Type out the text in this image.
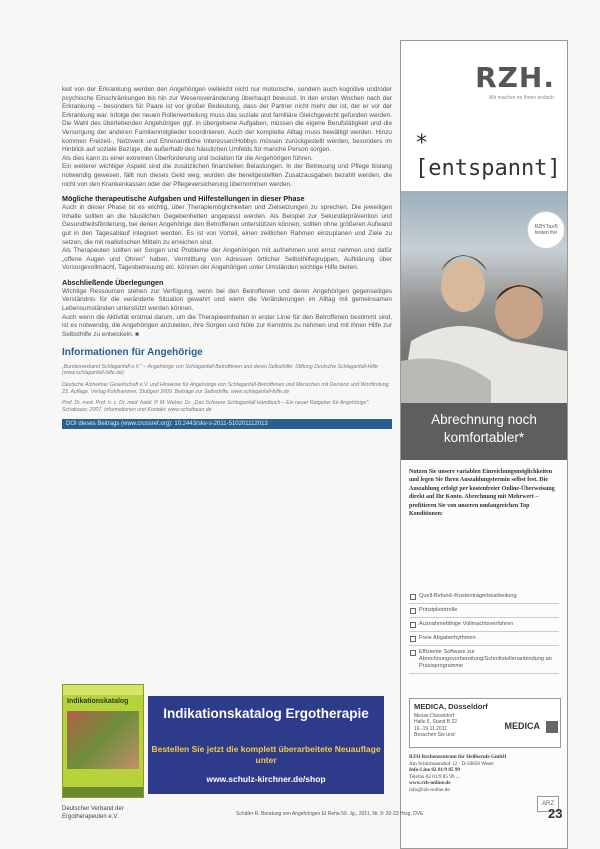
keit von der Erkrankung werden den Angehörigen vielleicht nicht nur motorische, sondern auch kognitive und/oder psychische Einschränkungen bis hin zur Wesensveränderung überhaupt bewusst. In den ersten Wochen nach der Erkrankung – besonders für Paare ist vor großer Bedeutung, dass der Partner nicht mehr der ist, der er vor der Erkrankung war. Infolge der neuen Rollenverteilung muss das soziale und familiäre Gleichgewicht gefunden werden. Die Wahl des überlebenden Angehörigen ggf. in übergebene Aufgaben, müssen die eigene Berufstätigkeit und die Versorgung der anderen Familienmitglieder koordinieren. Auch der komplette Alltag muss bewältigt werden. Hinzu kommen Freizeit-, Netzwerk und Ehrenamtliche Interessen/Hobbys müssen zurückgestellt werden, besonders im Hinblick auf soziale Bezüge, die außerhalb des häuslichen Umfelds für manche Person sorgen.

Als dies kann zu einer extremen Überforderung und Isolation für die Angehörigen führen.

Ein weiterer wichtiger Aspekt sind die zusätzlichen finanziellen Belastungen. In der Betreuung und Pflege bislang notwendig gewesen, fällt nun dieses Geld weg, wurden die bereitgestellten Zusatzausgaben bezahlt werden, die nicht von den Krankenkassen oder der Pflegeversicherung übernommen werden.

Mögliche therapeutische Aufgaben und Hilfestellungen in dieser Phase

Auch in dieser Phase ist es wichtig, über Therapiemöglichkeiten und Zielsetzungen zu sprechen. Die jeweiligen Inhalte sollten an die häuslichen Gegebenheiten angepasst werden. Als Beispiel zur Sekundärprävention und Gesundheitsförderung, bei denen Angehörige den Betroffenen unterstützen können, sollten ohne größeren Aufwand gut in den Tagesablauf integriert werden. Es ist von Vorteil, einen zeitlichen Rahmen einzuplanen und Ziele zu setzen, die mit realistischen Mitteln zu erreichen sind.

Als Therapeuten sollten wir Sorgen und Probleme der Angehörigen mit aufnehmen und ernst nehmen und dafür „offene Augen und Ohren" haben. Vermittlung von Adressen örtlicher Selbsthilfegruppen, Aufklärung über Vorsorgevollmacht, Tagesbetreuung etc. können der Angehörigen unter Umständen wichtige Hilfe bieten.

Abschließende Überlegungen

Wichtige Ressourcen stehen zur Verfügung, wenn bei den Betroffenen und deren Angehörigen gegenseitiges Verständnis für die veränderte Situation gewahrt und wenn die Veränderungen im Alltag mit gemeinsamen Lebensumständen unterstützt werden können.

Auch wenn die Aktivität erstmal darum, um die Therapieeinheiten in erster Linie für den Betroffenen bestimmt sind, ist es notwendig, die Angehörigen anzuleiten, ihre Sorgen und Nöte zur Kenntnis zu nehmen und mit ihnen Hilfe zur Selbsthilfe zu entwickeln. ■

Informationen für Angehörige

„Bundesverband Schlaganfall e.V." – Angehörige von Schlaganfall-Betroffenen und deren Selbsthilfe; Stiftung Deutsche Schlaganfall-Hilfe (www.schlaganfall-hilfe.de)

Deutsche Alzheimer Gesellschaft e.V. und Hinweise für Angehörige von Schlaganfall-Betroffenen und Menschen mit Demenz und Wortfindung. 23. Auflage. Verlag Kohlhammer, Stuttgart 2009. Beiträge zur Selbsthilfe, www.schlaganfall-hilfe.de

Prof. Dr. med. Prof. h. c. Dr. med. habil. P. M. Weber, Dr. „Das Schwere Schlaganfall Handbuch – Ein neuer Ratgeber für Angehörige". Schattauer, 2007. Informationen und Kontakt: www.schattauer.de

DOI dieses Beitrags (www.crossref.org): 10.2443/skv-s-2011-510201112013
RZH.
Wir machen es Ihnen einfach.
*[entspannt]
RZH Tax® testen frei
Abrechnung noch komfortabler*
Nutzen Sie unsere variablen Einreichungsmöglichkeiten und legen Sie Ihren Auszahlungstermin selbst fest. Die Auszahlung erfolgt per kostenfreier Online-Überweisung direkt auf Ihr Konto. Abrechnung mit Mehrwert – profitieren Sie von unseren umfangreichen Top Konditionen:
Quell-Befund-/Kostenträgerbearbeitung
Prinzipkontrolle
Ausnahmefähige Vollmachtsverfahren
Freie Abgaberhythmen
Effiziente Software zur Abrechnungsvorbereitung/Schnittstellenanbindung an Praxisprogramme
MEDICA, Düsseldorf
Messe Düsseldorf
Halle 6, Stand B 22
16.-19.11.2011
Besuchen Sie uns!
MEDICA
RZH Rechenzentrum für Heilberufe GmbH
Am Schürmannshof 12 · D-50858 Wesel
Info-Line 02 81/9 85 99
Telefax 02 81/9 85 99 ...
www.rzh-online.de
info@rzh-online.de
ARZ
Indikationskatalog
Indikationskatalog Ergotherapie
Bestellen Sie jetzt die komplett überarbeitete Neuauflage unter
www.schulz-kirchner.de/shop
Deutscher Verband der Ergotherapeuten e.V.	Schäfer R. Beratung von Angehörigen Et Reha 50. Jg., 2011, Nr. 9: 20-23 Hrsg. DVE	23
